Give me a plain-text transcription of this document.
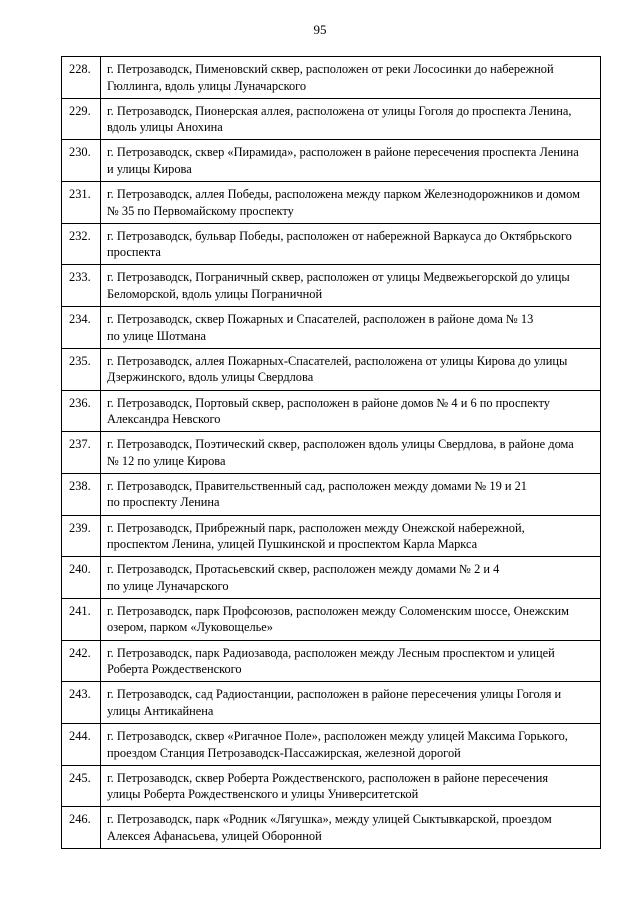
95
228.	г. Петрозаводск, Пименовский сквер, расположен от реки Лососинки до набережной
Гюллинга, вдоль улицы Луначарского

229.	г. Петрозаводск, Пионерская аллея, расположена от улицы Гоголя до проспекта Ленина,
вдоль улицы Анохина

230.	г. Петрозаводск, сквер «Пирамида», расположен в районе пересечения проспекта Ленина
и улицы Кирова

231.	г. Петрозаводск, аллея Победы, расположена между парком Железнодорожников и домом
№ 35 по Первомайскому проспекту

232.	г. Петрозаводск, бульвар Победы, расположен от набережной Варкауса до Октябрьского
проспекта

233.	г. Петрозаводск, Пограничный сквер, расположен от улицы Медвежьегорской до улицы
Беломорской, вдоль улицы Пограничной

234.	г. Петрозаводск, сквер Пожарных и Спасателей, расположен в районе дома № 13
по улице Шотмана

235.	г. Петрозаводск, аллея Пожарных-Спасателей, расположена от улицы Кирова до улицы
Дзержинского, вдоль улицы Свердлова

236.	г. Петрозаводск, Портовый сквер, расположен в районе домов № 4 и 6 по проспекту
Александра Невского

237.	г. Петрозаводск, Поэтический сквер, расположен вдоль улицы Свердлова, в районе дома
№ 12 по улице Кирова

238.	г. Петрозаводск, Правительственный сад, расположен между домами № 19 и 21
по проспекту Ленина

239.	г. Петрозаводск, Прибрежный парк, расположен между Онежской набережной,
проспектом Ленина, улицей Пушкинской и проспектом Карла Маркса

240.	г. Петрозаводск, Протасьевский сквер, расположен между домами № 2 и 4
по улице Луначарского

241.	г. Петрозаводск, парк Профсоюзов, расположен между Соломенским шоссе, Онежским
озером, парком «Луковощелье»

242.	г. Петрозаводск, парк Радиозавода, расположен между Лесным проспектом и улицей
Роберта Рождественского

243.	г. Петрозаводск, сад Радиостанции, расположен в районе пересечения улицы Гоголя и
улицы Антикайнена

244.	г. Петрозаводск, сквер «Ригачное Поле», расположен между улицей Максима Горького,
проездом Станция Петрозаводск-Пассажирская, железной дорогой

245.	г. Петрозаводск, сквер Роберта Рождественского, расположен в районе пересечения
улицы Роберта Рождественского и улицы Университетской

246.	г. Петрозаводск, парк «Родник «Лягушка», между улицей Сыктывкарской, проездом
Алексея Афанасьева, улицей Оборонной
